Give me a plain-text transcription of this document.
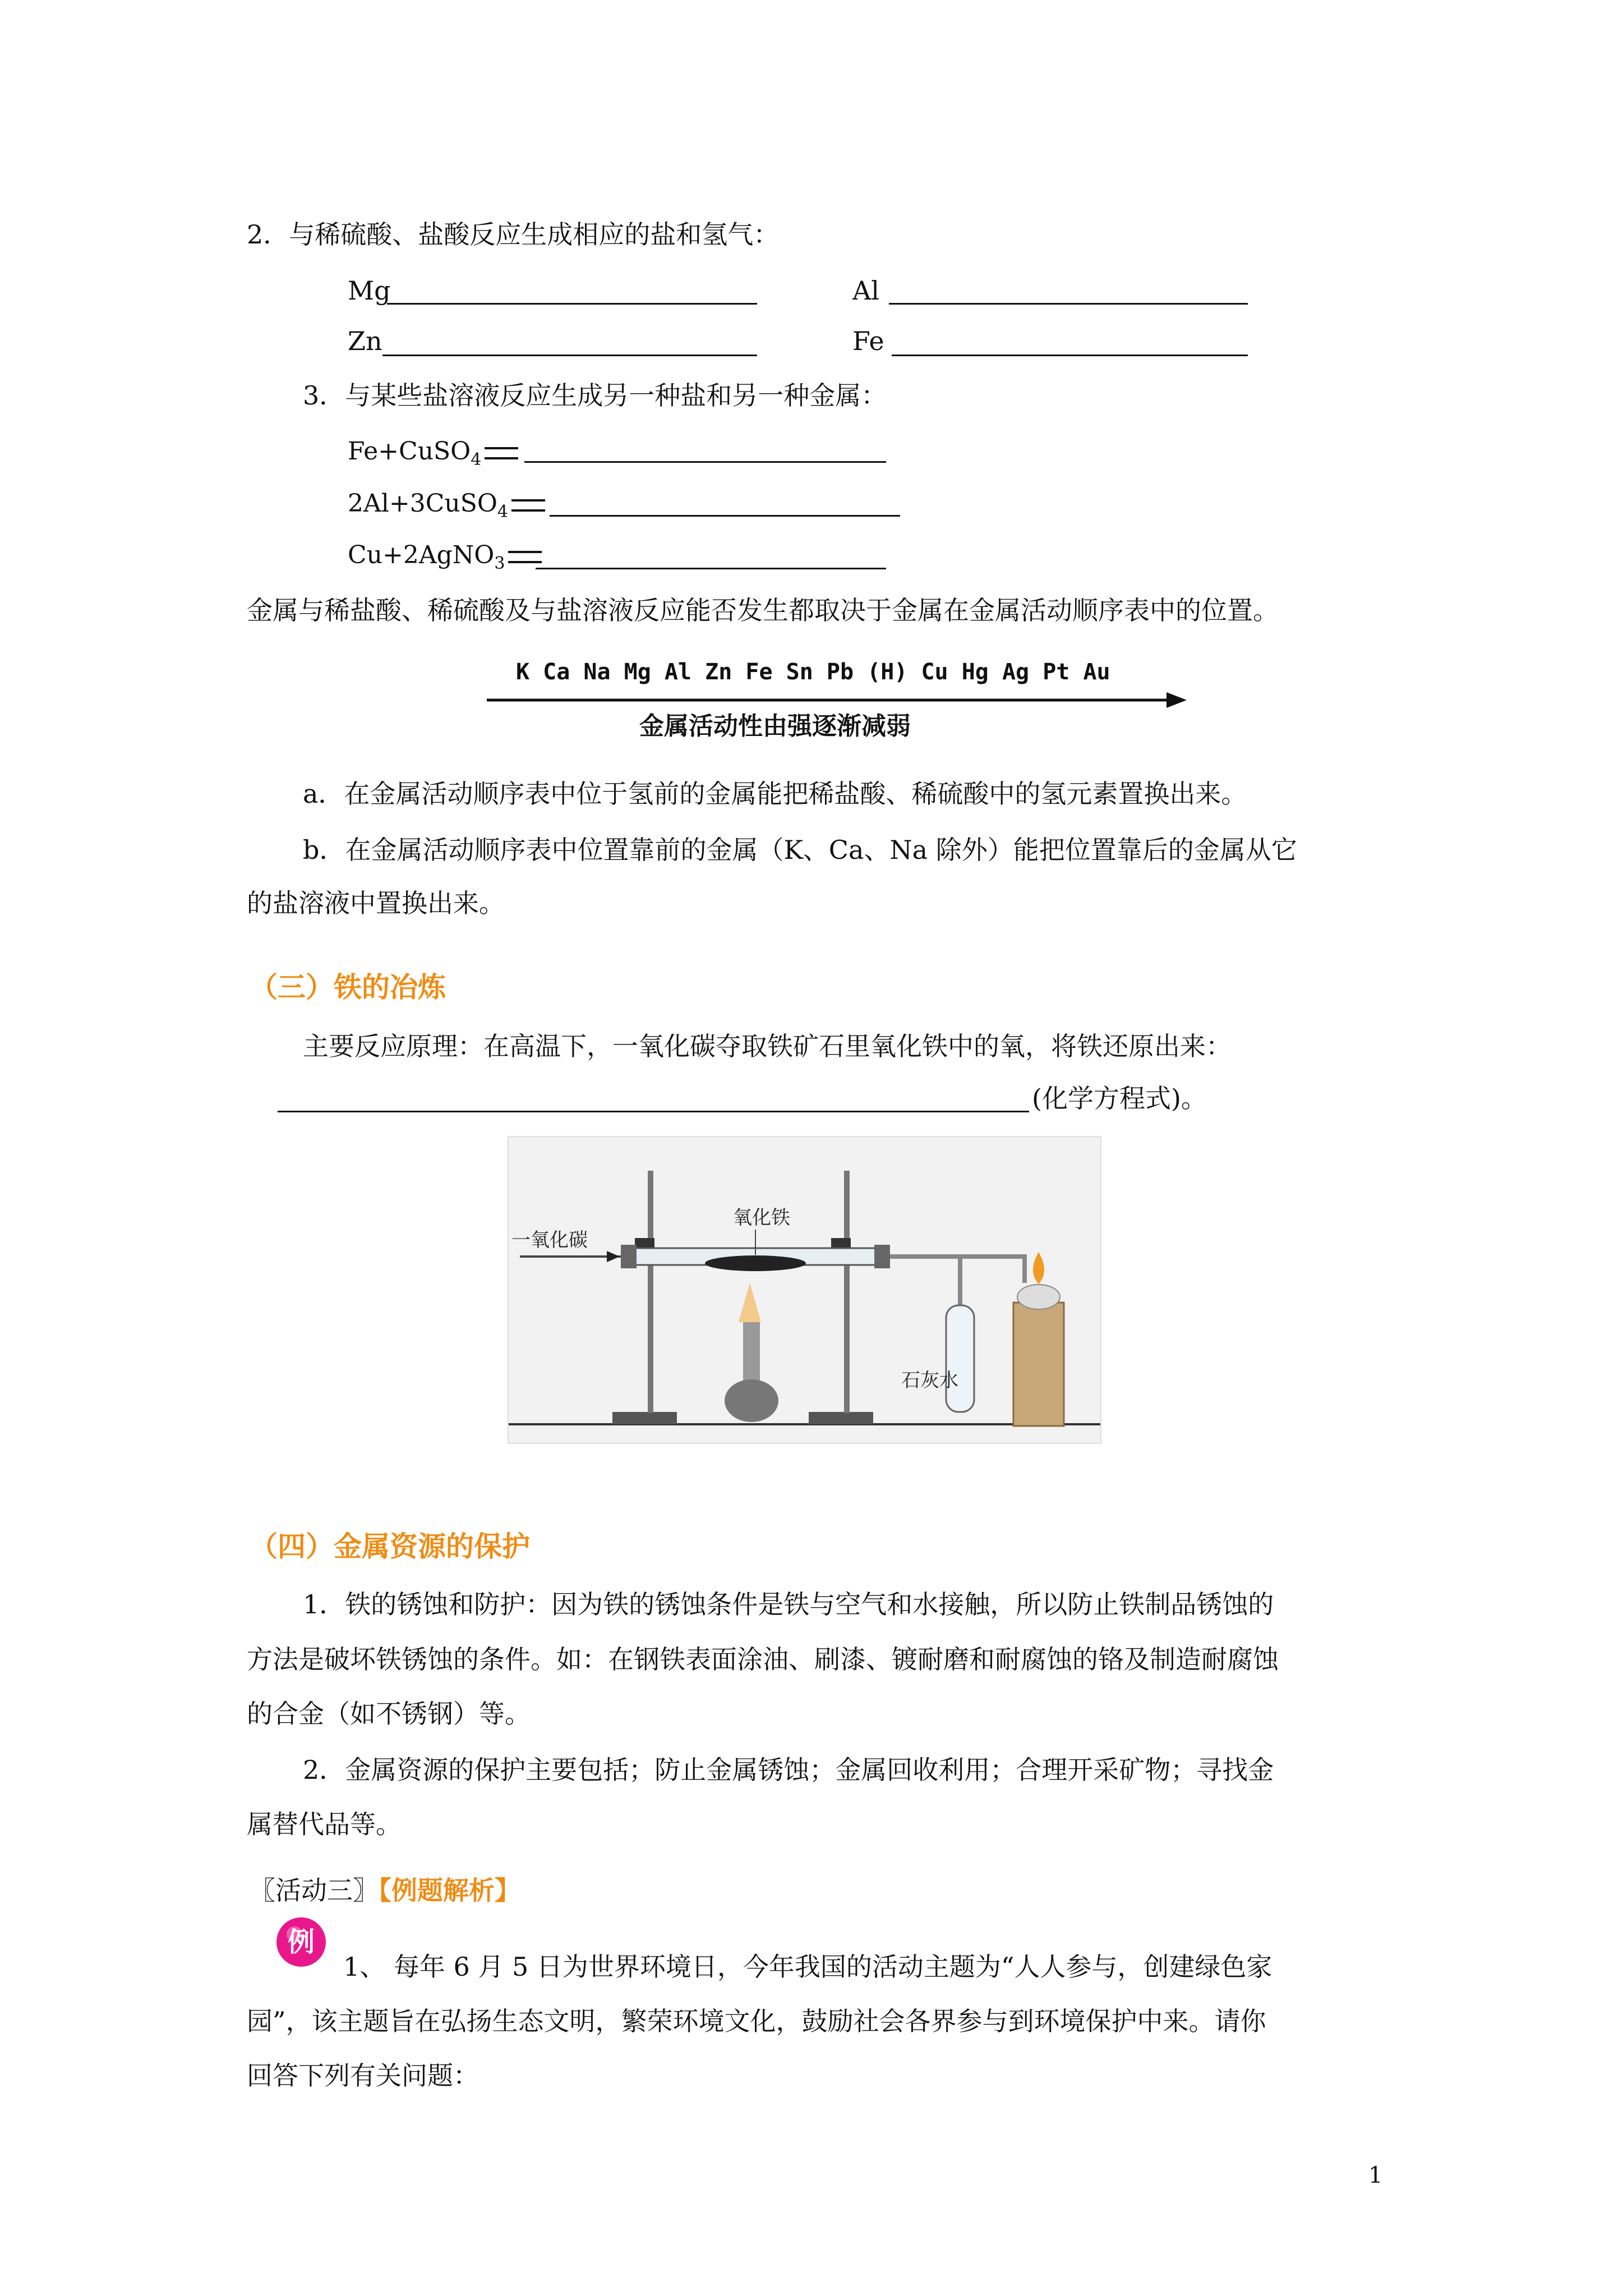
2．与稀硫酸、盐酸反应生成相应的盐和氢气：
Mg	Al
Zn	Fe
3．与某些盐溶液反应生成另一种盐和另一种金属：
Fe+CuSO$_4$
2Al+3CuSO$_4$
Cu+2AgNO$_3$
金属与稀盐酸、稀硫酸及与盐溶液反应能否发生都取决于金属在金属活动顺序表中的位置。
K Ca Na Mg Al Zn Fe Sn Pb (H) Cu Hg Ag Pt Au
金属活动性由强逐渐减弱
a．在金属活动顺序表中位于氢前的金属能把稀盐酸、稀硫酸中的氢元素置换出来。
b．在金属活动顺序表中位置靠前的金属（K、Ca、Na 除外）能把位置靠后的金属从它
的盐溶液中置换出来。
（三）铁的冶炼
主要反应原理：在高温下，一氧化碳夺取铁矿石里氧化铁中的氧，将铁还原出来：
(化学方程式)。
一氧化碳
氧化铁
石灰水
（四）金属资源的保护
1．铁的锈蚀和防护：因为铁的锈蚀条件是铁与空气和水接触，所以防止铁制品锈蚀的
方法是破坏铁锈蚀的条件。如：在钢铁表面涂油、刷漆、镀耐磨和耐腐蚀的铬及制造耐腐蚀
的合金（如不锈钢）等。
2．金属资源的保护主要包括；防止金属锈蚀；金属回收利用；合理开采矿物；寻找金
属替代品等。
〖活动三〗【例题解析】
例
1、 每年 6 月 5 日为世界环境日，今年我国的活动主题为“人人参与，创建绿色家
园”，该主题旨在弘扬生态文明，繁荣环境文化，鼓励社会各界参与到环境保护中来。请你
回答下列有关问题：
1
